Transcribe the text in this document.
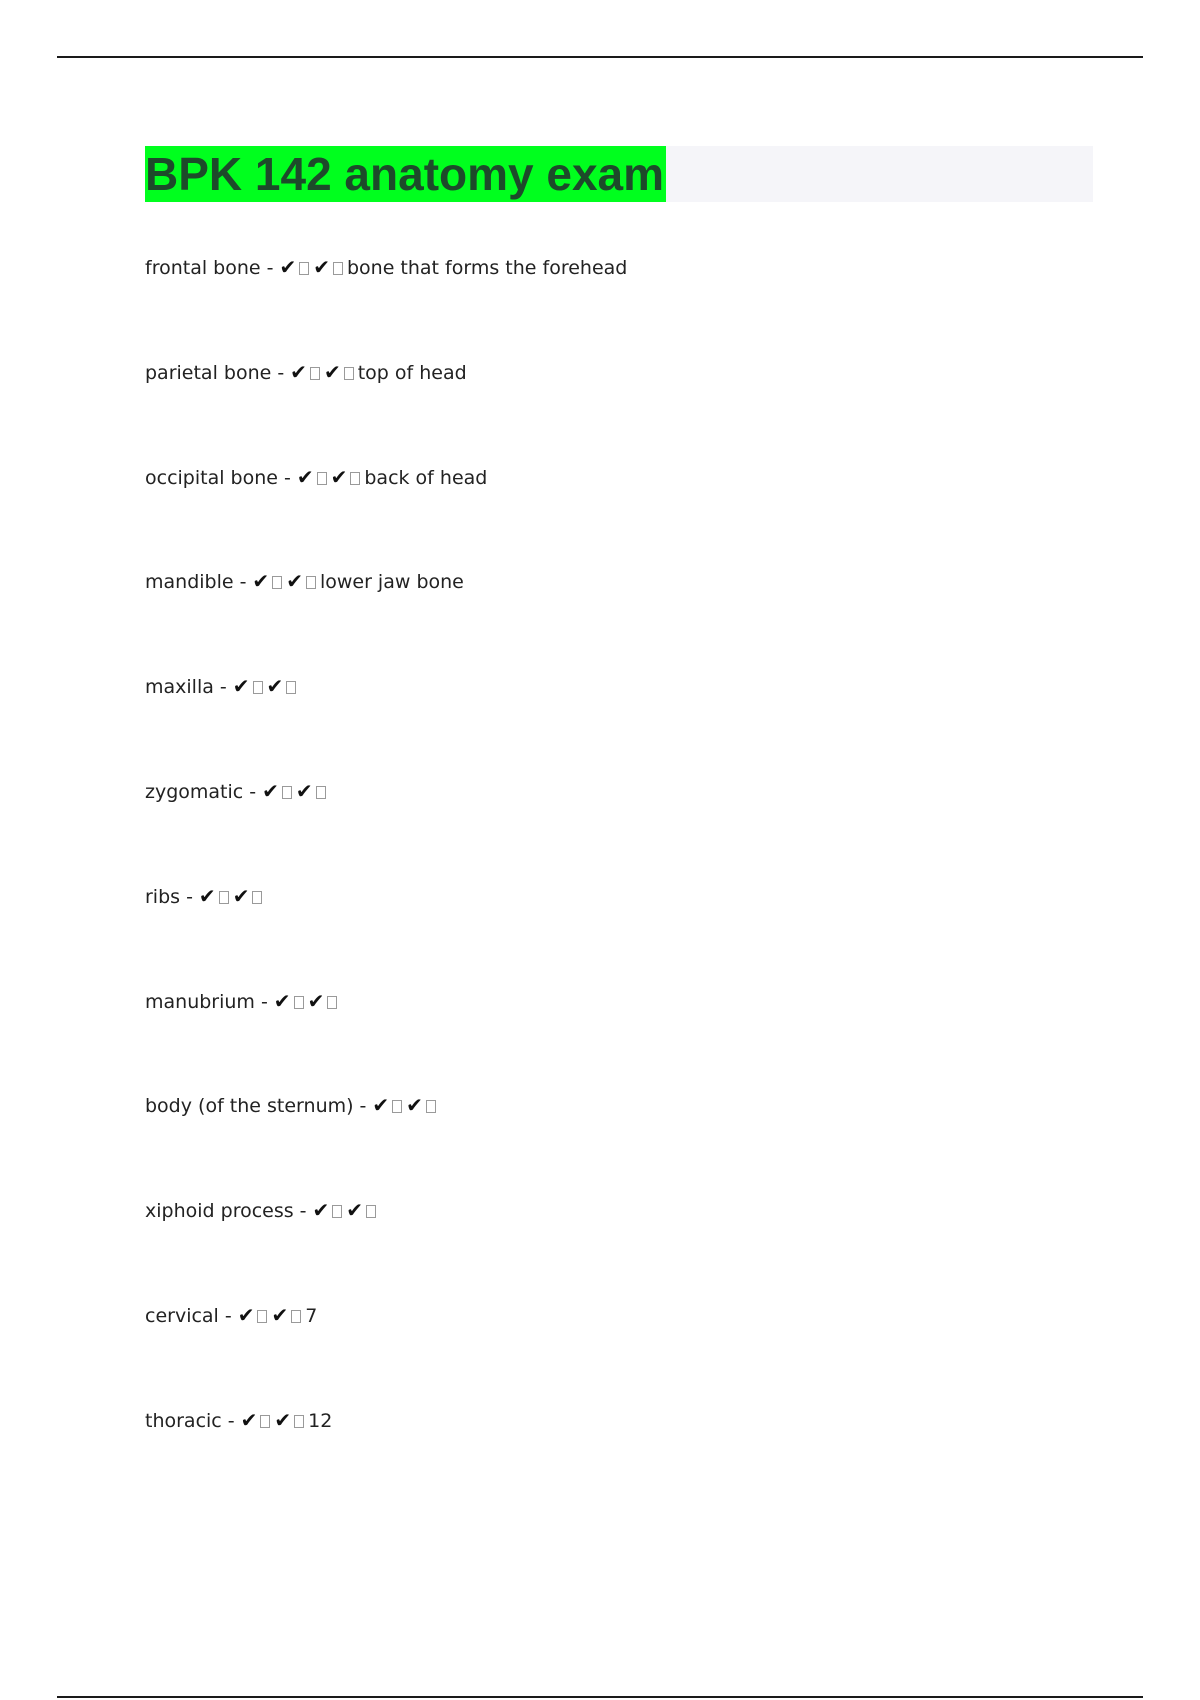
BPK 142 anatomy exam
frontal bone - ✔ ✔ bone that forms the forehead
parietal bone - ✔ ✔ top of head
occipital bone - ✔ ✔ back of head
mandible - ✔ ✔ lower jaw bone
maxilla - ✔ ✔
zygomatic - ✔ ✔
ribs - ✔ ✔
manubrium - ✔ ✔
body (of the sternum) - ✔ ✔
xiphoid process - ✔ ✔
cervical - ✔ ✔ 7
thoracic - ✔ ✔ 12
